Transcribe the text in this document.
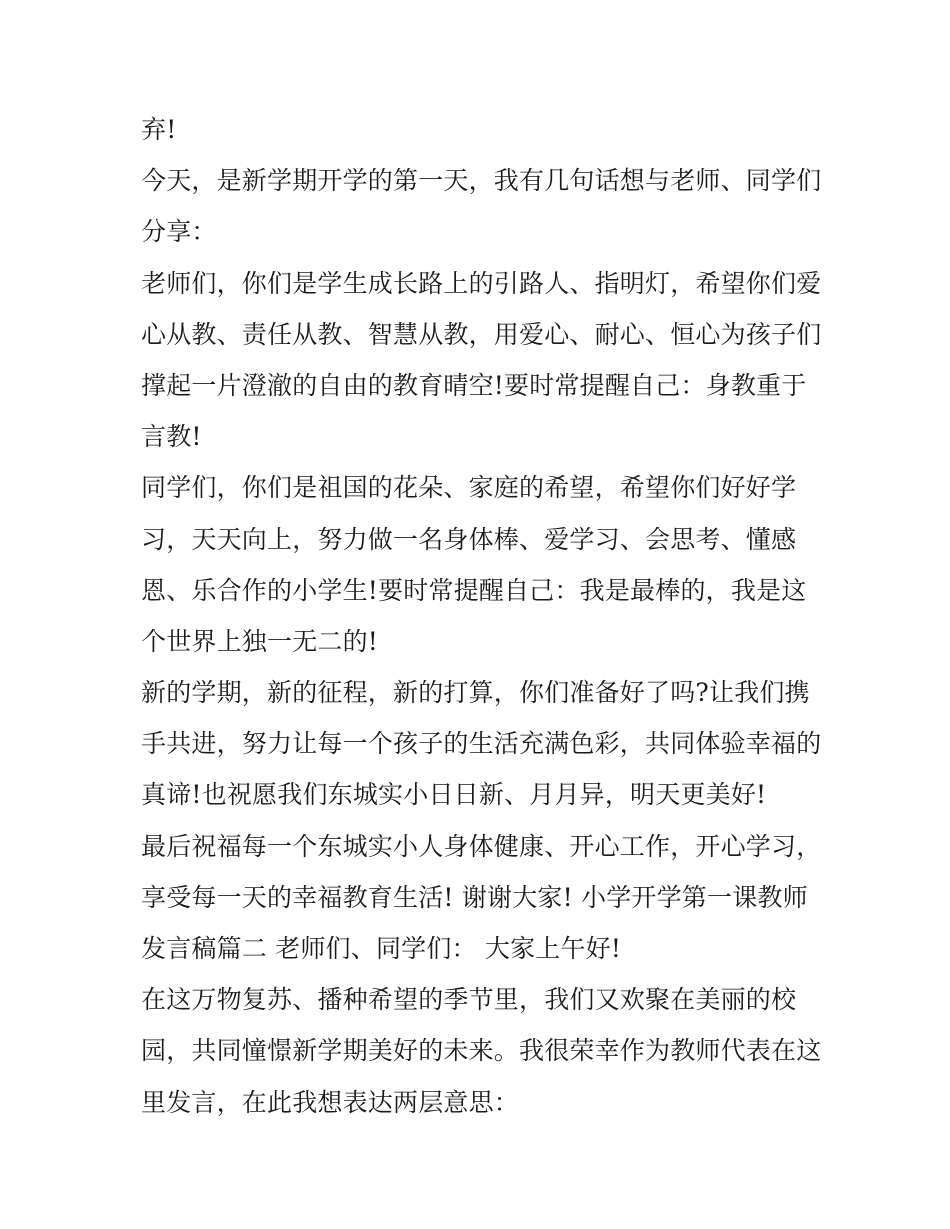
弃!
今天，是新学期开学的第一天，我有几句话想与老师、同学们
分享：
老师们，你们是学生成长路上的引路人、指明灯，希望你们爱
心从教、责任从教、智慧从教，用爱心、耐心、恒心为孩子们
撑起一片澄澈的自由的教育晴空!要时常提醒自己：身教重于
言教!
同学们，你们是祖国的花朵、家庭的希望，希望你们好好学
习，天天向上，努力做一名身体棒、爱学习、会思考、懂感
恩、乐合作的小学生!要时常提醒自己：我是最棒的，我是这
个世界上独一无二的!
新的学期，新的征程，新的打算，你们准备好了吗?让我们携
手共进，努力让每一个孩子的生活充满色彩，共同体验幸福的
真谛!也祝愿我们东城实小日日新、月月异，明天更美好!
最后祝福每一个东城实小人身体健康、开心工作，开心学习，
享受每一天的幸福教育生活! 谢谢大家! 小学开学第一课教师
发言稿篇二 老师们、同学们： 大家上午好!
在这万物复苏、播种希望的季节里，我们又欢聚在美丽的校
园，共同憧憬新学期美好的未来。我很荣幸作为教师代表在这
里发言，在此我想表达两层意思：
